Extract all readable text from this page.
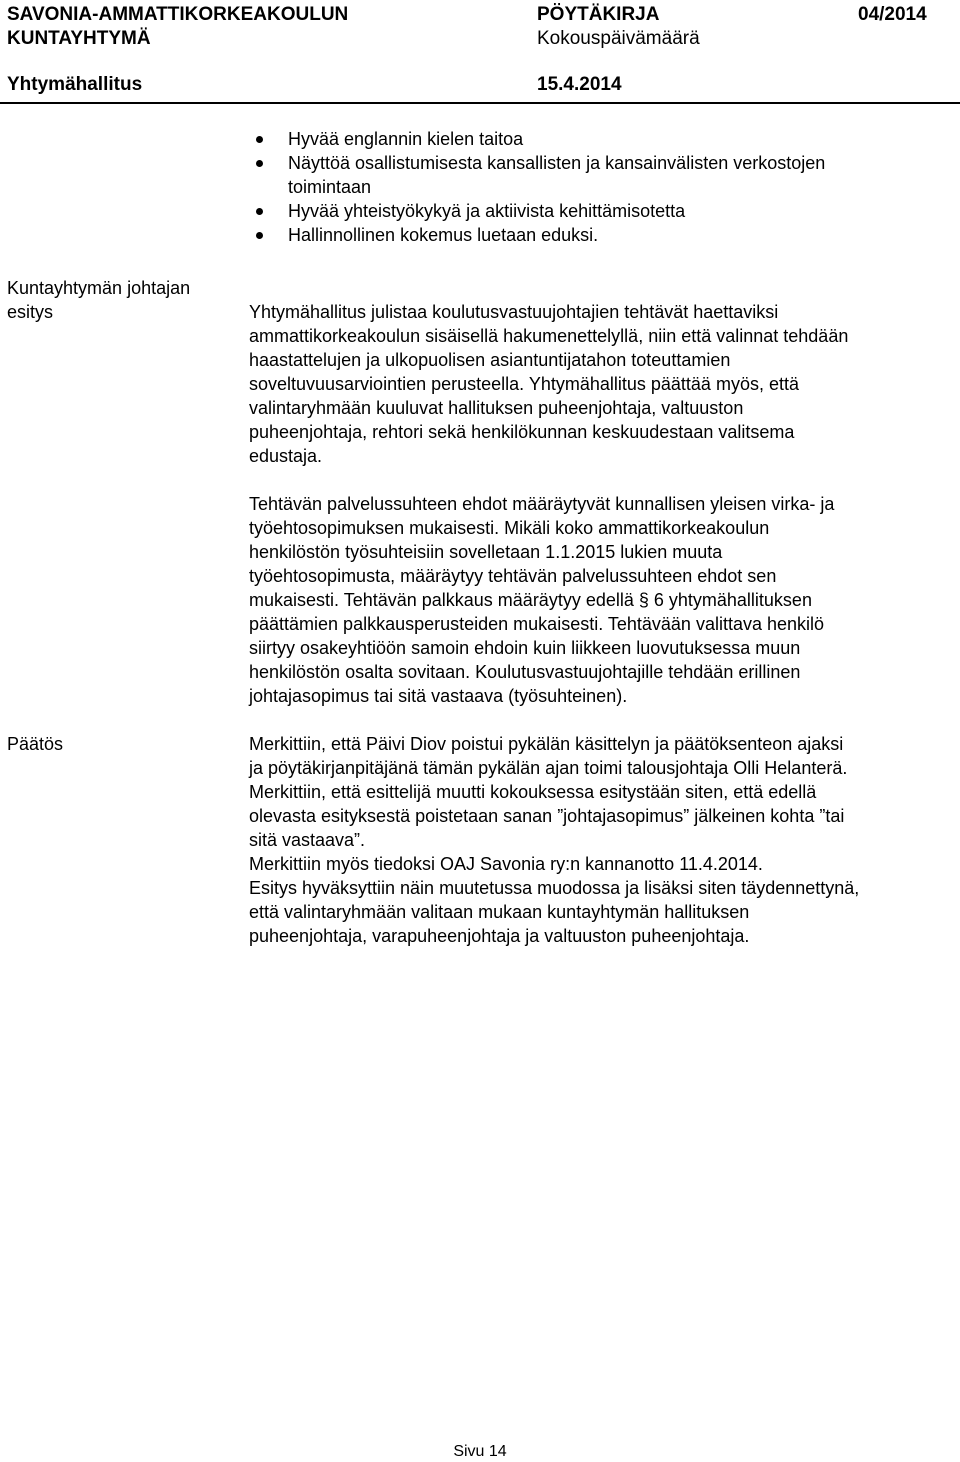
SAVONIA-AMMATTIKORKEAKOULUN
KUNTAYHTYMÄ
PÖYTÄKIRJA
Kokouspäivämäärä
04/2014
Yhtymähallitus	15.4.2014
Hyvää englannin kielen taitoa
Näyttöä osallistumisesta kansallisten ja kansainvälisten verkostojen
toimintaan
Hyvää yhteistyökykyä ja aktiivista kehittämisotetta
Hallinnollinen kokemus luetaan eduksi.
Kuntayhtymän johtajan
esitys	Yhtymähallitus julistaa koulutusvastuujohtajien tehtävät haettaviksi

ammattikorkeakoulun sisäisellä hakumenettelyllä, niin että valinnat tehdään

haastattelujen ja ulkopuolisen asiantuntijatahon toteuttamien

soveltuvuusarviointien perusteella. Yhtymähallitus päättää myös, että

valintaryhmään kuuluvat hallituksen puheenjohtaja, valtuuston

puheenjohtaja, rehtori sekä henkilökunnan keskuudestaan valitsema

edustaja.

Tehtävän palvelussuhteen ehdot määräytyvät kunnallisen yleisen virka- ja

työehtosopimuksen mukaisesti. Mikäli koko ammattikorkeakoulun

henkilöstön työsuhteisiin sovelletaan 1.1.2015 lukien muuta

työehtosopimusta, määräytyy tehtävän palvelussuhteen ehdot sen

mukaisesti. Tehtävän palkkaus määräytyy edellä § 6 yhtymähallituksen

päättämien palkkausperusteiden mukaisesti. Tehtävään valittava henkilö

siirtyy osakeyhtiöön samoin ehdoin kuin liikkeen luovutuksessa muun

henkilöstön osalta sovitaan. Koulutusvastuujohtajille tehdään erillinen

johtajasopimus tai sitä vastaava (työsuhteinen).

Päätös	Merkittiin, että Päivi Diov poistui pykälän käsittelyn ja päätöksenteon ajaksi

ja pöytäkirjanpitäjänä tämän pykälän ajan toimi talousjohtaja Olli Helanterä.

Merkittiin, että esittelijä muutti kokouksessa esitystään siten, että edellä

olevasta esityksestä poistetaan sanan ”johtajasopimus” jälkeinen kohta ”tai

sitä vastaava”.

Merkittiin myös tiedoksi OAJ Savonia ry:n kannanotto 11.4.2014.

Esitys hyväksyttiin näin muutetussa muodossa ja lisäksi siten täydennettynä,

että valintaryhmään valitaan mukaan kuntayhtymän hallituksen

puheenjohtaja, varapuheenjohtaja ja valtuuston puheenjohtaja.

Sivu 14
